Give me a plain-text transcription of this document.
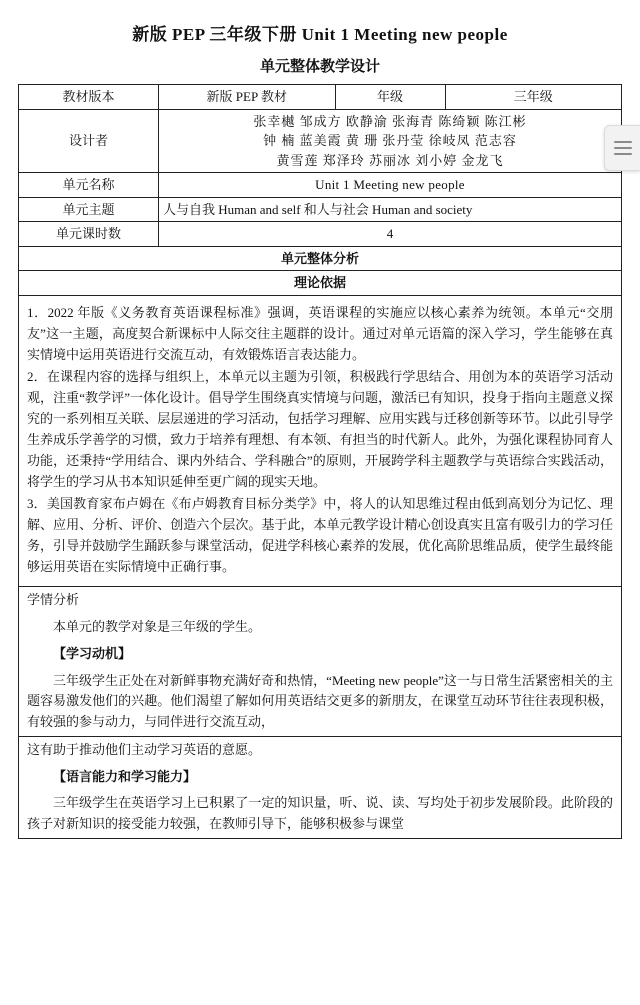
新版 PEP 三年级下册 Unit 1 Meeting new people
单元整体教学设计
教材版本	新版 PEP 教材	年级	三年级
设计者	张幸樾 邹成方 欧静渝 张海青 陈绮颖 陈江彬
钟 楠 蓝美霞 黄 珊 张丹莹 徐岐凤 范志容
黄雪莲 郑泽玲 苏丽冰 刘小婷 金龙飞		

单元名称	Unit 1 Meeting new people		
单元主题	人与自我 Human and self 和人与社会 Human and society		
单元课时数	4		
单元整体分析			
理论依据			

1．2022 年版《义务教育英语课程标准》强调，英语课程的实施应以核心素养为统领。本单元“交朋友”这一主题，高度契合新课标中人际交往主题群的设计。通过对单元语篇的深入学习，学生能够在真实情境中运用英语进行交流互动，有效锻炼语言表达能力。

2．在课程内容的选择与组织上，本单元以主题为引领，积极践行学思结合、用创为本的英语学习活动观，注重“教学评”一体化设计。倡导学生围绕真实情境与问题，激活已有知识，投身于指向主题意义探究的一系列相互关联、层层递进的学习活动，包括学习理解、应用实践与迁移创新等环节。以此引导学生养成乐学善学的习惯，致力于培养有理想、有本领、有担当的时代新人。此外，为强化课程协同育人功能，还秉持“学用结合、课内外结合、学科融合”的原则，开展跨学科主题教学与英语综合实践活动，将学生的学习从书本知识延伸至更广阔的现实天地。

3．美国教育家布卢姆在《布卢姆教育目标分类学》中，将人的认知思维过程由低到高划分为记忆、理解、应用、分析、评价、创造六个层次。基于此，本单元教学设计精心创设真实且富有吸引力的学习任务，引导并鼓励学生踊跃参与课堂活动，促进学科核心素养的发展，优化高阶思维品质，使学生最终能够运用英语在实际情境中正确行事。

学情分析
本单元的教学对象是三年级的学生。
【学习动机】
三年级学生正处在对新鲜事物充满好奇和热情，“Meeting new people”这一与日常生活紧密相关的主题容易激发他们的兴趣。他们渴望了解如何用英语结交更多的新朋友，在课堂互动环节往往表现积极，有较强的参与动力，与同伴进行交流互动，
这有助于推动他们主动学习英语的意愿。
【语言能力和学习能力】
三年级学生在英语学习上已积累了一定的知识量，听、说、读、写均处于初步发展阶段。此阶段的孩子对新知识的接受能力较强，在教师引导下，能够积极参与课堂
